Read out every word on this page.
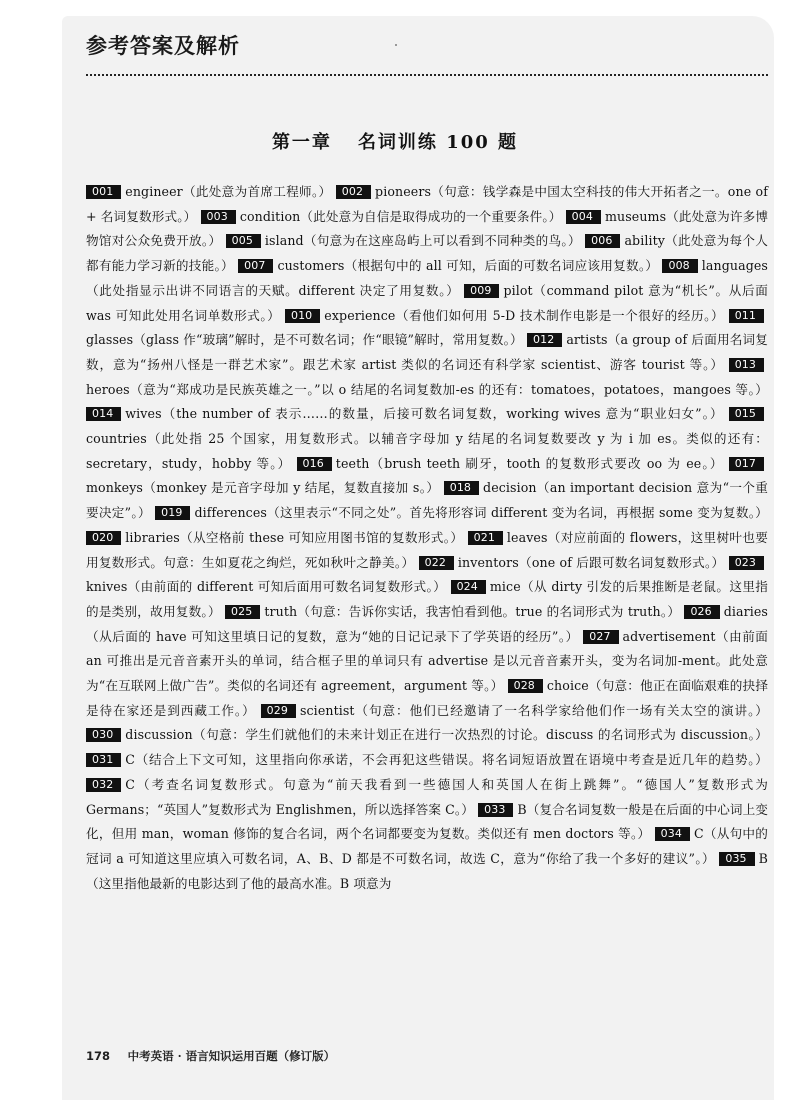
参考答案及解析
第一章 名词训练 100 题
001 engineer（此处意为首席工程师。） 002 pioneers（句意：钱学森是中国太空科技的伟大开拓者之一。one of + 名词复数形式。） 003 condition（此处意为自信是取得成功的一个重要条件。） 004 museums（此处意为许多博物馆对公众免费开放。） 005 island（句意为在这座岛屿上可以看到不同种类的鸟。） 006 ability（此处意为每个人都有能力学习新的技能。） 007 customers（根据句中的 all 可知，后面的可数名词应该用复数。） 008 languages（此处指显示出讲不同语言的天赋。different 决定了用复数。） 009 pilot（command pilot 意为“机长”。从后面 was 可知此处用名词单数形式。） 010 experience（看他们如何用 5-D 技术制作电影是一个很好的经历。） 011glasses（glass 作“玻璃”解时，是不可数名词；作“眼镜”解时，常用复数。） 012 artists（a group of 后面用名词复数，意为“扬州八怪是一群艺术家”。跟艺术家 artist 类似的名词还有科学家 scientist、游客 tourist 等。） 013heroes（意为“郑成功是民族英雄之一。”以 o 结尾的名词复数加-es 的还有：tomatoes，potatoes，mangoes 等。） 014 wives（the number of 表示……的数量，后接可数名词复数，working wives 意为“职业妇女”。） 015countries（此处指 25 个国家，用复数形式。以辅音字母加 y 结尾的名词复数要改 y 为 i 加 es。类似的还有：secretary，study，hobby 等。） 016 teeth（brush teeth 刷牙，tooth 的复数形式要改 oo 为 ee。） 017monkeys（monkey 是元音字母加 y 结尾，复数直接加 s。） 018 decision（an important decision 意为“一个重要决定”。） 019 differences（这里表示“不同之处”。首先将形容词 different 变为名词，再根据 some 变为复数。） 020 libraries（从空格前 these 可知应用图书馆的复数形式。） 021 leaves（对应前面的 flowers，这里树叶也要用复数形式。句意：生如夏花之绚烂，死如秋叶之静美。） 022 inventors（one of 后跟可数名词复数形式。） 023knives（由前面的 different 可知后面用可数名词复数形式。） 024 mice（从 dirty 引发的后果推断是老鼠。这里指的是类别，故用复数。） 025 truth（句意：告诉你实话，我害怕看到他。true 的名词形式为 truth。） 026 diaries（从后面的 have 可知这里填日记的复数，意为“她的日记记录下了学英语的经历”。） 027 advertisement（由前面 an 可推出是元音音素开头的单词，结合框子里的单词只有 advertise 是以元音音素开头，变为名词加-ment。此处意为“在互联网上做广告”。类似的名词还有 agreement，argument 等。） 028 choice（句意：他正在面临艰难的抉择是待在家还是到西藏工作。） 029 scientist（句意：他们已经邀请了一名科学家给他们作一场有关太空的演讲。） 030 discussion（句意：学生们就他们的未来计划正在进行一次热烈的讨论。discuss 的名词形式为 discussion。） 031 C（结合上下文可知，这里指向你承诺，不会再犯这些错误。将名词短语放置在语境中考查是近几年的趋势。） 032 C（考查名词复数形式。句意为“前天我看到一些德国人和英国人在街上跳舞”。“德国人”复数形式为 Germans；“英国人”复数形式为 Englishmen，所以选择答案 C。） 033 B（复合名词复数一般是在后面的中心词上变化，但用 man，woman 修饰的复合名词，两个名词都要变为复数。类似还有 men doctors 等。） 034 C（从句中的冠词 a 可知道这里应填入可数名词，A、B、D 都是不可数名词，故选 C，意为“你给了我一个多好的建议”。） 035 B（这里指他最新的电影达到了他的最高水准。B 项意为
178 中考英语 · 语言知识运用百题（修订版）
